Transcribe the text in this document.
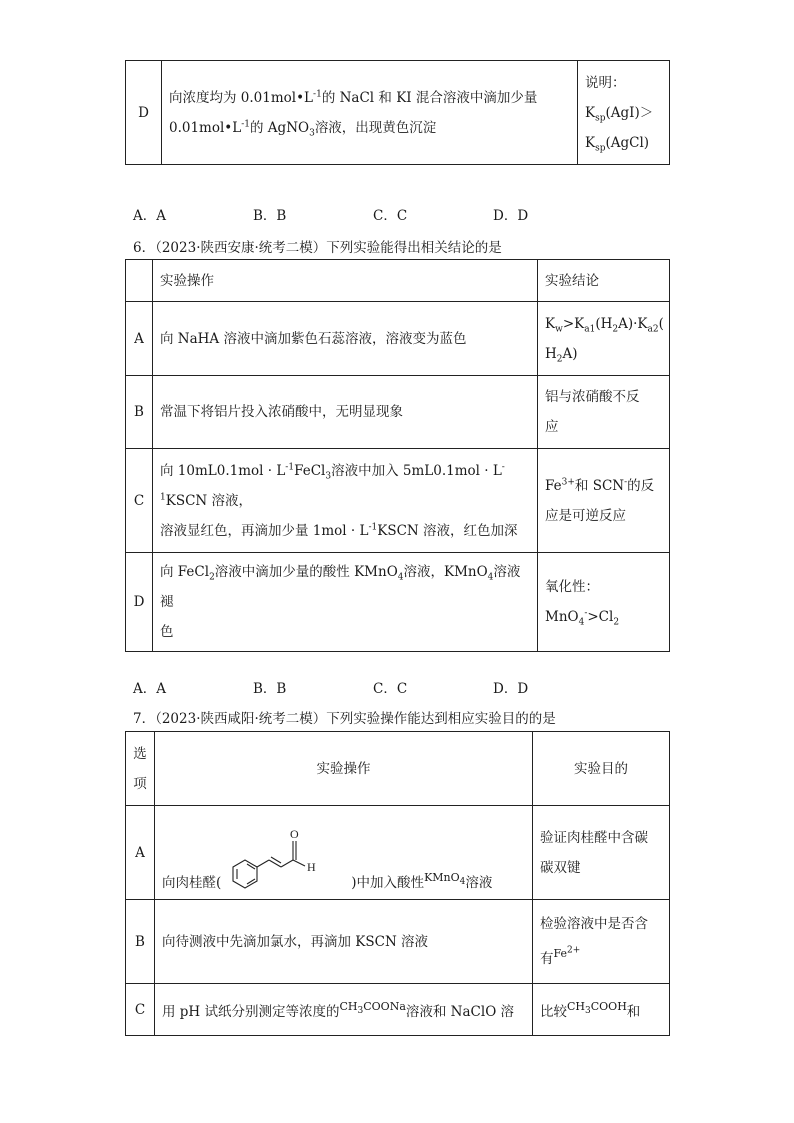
D	向浓度均为 $0.01mol•L^{-1}$的 NaCl 和 KI 混合溶液中滴加少量
$0.01mol•L^{-1}$的 AgNO$_3$溶液，出现黄色沉淀	说明：
$K_{sp}(AgI)>$
$K_{sp}(AgCl)$
A．A	B．B	C．C	D．D
6．（2023·陕西安康·统考二模）下列实验能得出相关结论的是
	实验操作	实验结论
A	向 NaHA 溶液中滴加紫色石蕊溶液，溶液变为蓝色	$K_w>K_{a1}(H_2A)\cdot K_{a2}$(
$H_2A$)
B	常温下将铝片投入浓硝酸中，无明显现象	铝与浓硝酸不反
应
C	向 $10mL0.1mol \cdot L^{-1}FeCl_3$溶液中加入 $5mL0.1mol \cdot L^{-1}KSCN$ 溶液，
溶液显红色，再滴加少量 $1mol \cdot L^{-1}KSCN$ 溶液，红色加深	$Fe^{3+}$和 SCN-的反
应是可逆反应
D	向 FeCl$_2$溶液中滴加少量的酸性 KMnO$_4$溶液，KMnO$_4$溶液褪
色	氧化性：
$MnO_4^->Cl_2$
A．A	B．B	C．C	D．D
7．（2023·陕西咸阳·统考二模）下列实验操作能达到相应实验目的的是
选
项	实验操作	实验目的
A	向肉桂醛(
O
H
)中加入酸性$^{KMnO_4}$溶液	验证肉桂醛中含碳
碳双键
B	向待测液中先滴加氯水，再滴加 KSCN 溶液	检验溶液中是否含
有$^{Fe^{2+}}$
C	用 pH 试纸分别测定等浓度的$^{CH_3COONa}$溶液和 NaClO 溶	比较$^{CH_3COOH}$和
